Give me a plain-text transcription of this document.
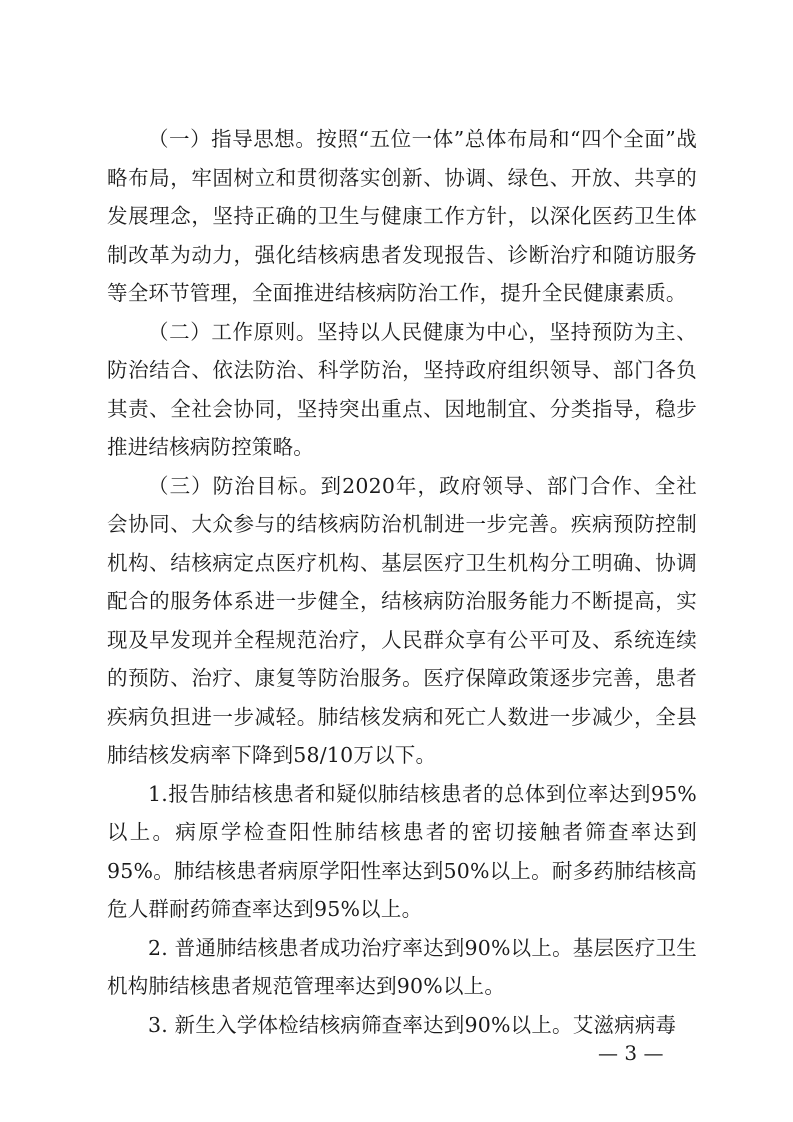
（一）指导思想。按照“五位一体”总体布局和“四个全面”战略布局，牢固树立和贯彻落实创新、协调、绿色、开放、共享的发展理念，坚持正确的卫生与健康工作方针，以深化医药卫生体制改革为动力，强化结核病患者发现报告、诊断治疗和随访服务等全环节管理，全面推进结核病防治工作，提升全民健康素质。

（二）工作原则。坚持以人民健康为中心，坚持预防为主、防治结合、依法防治、科学防治，坚持政府组织领导、部门各负其责、全社会协同，坚持突出重点、因地制宜、分类指导，稳步推进结核病防控策略。

（三）防治目标。到2020年，政府领导、部门合作、全社会协同、大众参与的结核病防治机制进一步完善。疾病预防控制机构、结核病定点医疗机构、基层医疗卫生机构分工明确、协调配合的服务体系进一步健全，结核病防治服务能力不断提高，实现及早发现并全程规范治疗，人民群众享有公平可及、系统连续的预防、治疗、康复等防治服务。医疗保障政策逐步完善，患者疾病负担进一步减轻。肺结核发病和死亡人数进一步减少，全县肺结核发病率下降到58/10万以下。

1.报告肺结核患者和疑似肺结核患者的总体到位率达到95%以上。病原学检查阳性肺结核患者的密切接触者筛查率达到95%。肺结核患者病原学阳性率达到50%以上。耐多药肺结核高危人群耐药筛查率达到95%以上。

2. 普通肺结核患者成功治疗率达到90%以上。基层医疗卫生机构肺结核患者规范管理率达到90%以上。

3. 新生入学体检结核病筛查率达到90%以上。艾滋病病毒

— 3 —
